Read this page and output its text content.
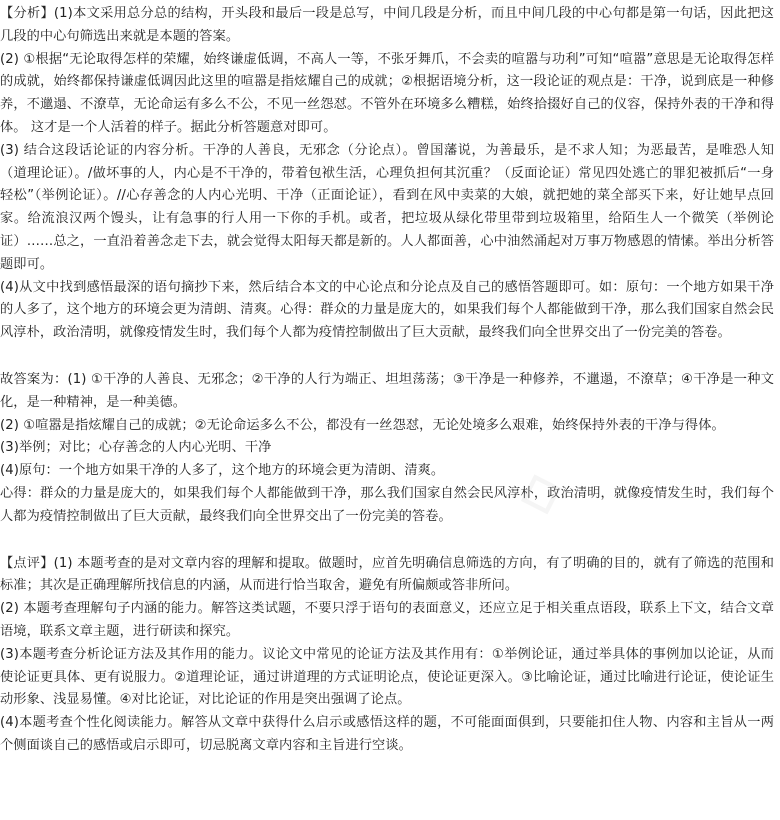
◇

【分析】(1)本文采用总分总的结构，开头段和最后一段是总写，中间几段是分析，而且中间几段的中心句都是第一句话，因此把这几段的中心句筛选出来就是本题的答案。

(2) ①根据“无论取得怎样的荣耀，始终谦虚低调，不高人一等，不张牙舞爪，不会卖的喧嚣与功利”可知“喧嚣”意思是无论取得怎样的成就，始终都保持谦虚低调因此这里的喧嚣是指炫耀自己的成就；②根据语境分析，这一段论证的观点是：干净，说到底是一种修养，不邋遢、不潦草，无论命运有多么不公，不见一丝怨怼。不管外在环境多么糟糕，始终拾掇好自己的仪容，保持外表的干净和得体。 这才是一个人活着的样子。据此分析答题意对即可。

(3) 结合这段话论证的内容分析。干净的人善良，无邪念（分论点）。曾国藩说，为善最乐，是不求人知；为恶最苦，是唯恐人知（道理论证）。/做坏事的人，内心是不干净的，带着包袱生活，心理负担何其沉重？（反面论证）常见四处逃亡的罪犯被抓后“一身轻松”（举例论证）。//心存善念的人内心光明、干净（正面论证），看到在风中卖菜的大娘，就把她的菜全部买下来，好让她早点回家。给流浪汉两个馒头，让有急事的行人用一下你的手机。或者，把垃圾从绿化带里带到垃圾箱里，给陌生人一个微笑（举例论证）……总之，一直沿着善念走下去，就会觉得太阳每天都是新的。人人都面善，心中油然涌起对万事万物感恩的情愫。举出分析答题即可。

(4)从文中找到感悟最深的语句摘抄下来，然后结合本文的中心论点和分论点及自己的感悟答题即可。如：原句：一个地方如果干净的人多了，这个地方的环境会更为清朗、清爽。心得：群众的力量是庞大的，如果我们每个人都能做到干净，那么我们国家自然会民风淳朴，政治清明，就像疫情发生时，我们每个人都为疫情控制做出了巨大贡献，最终我们向全世界交出了一份完美的答卷。

故答案为：(1) ①干净的人善良、无邪念；②干净的人行为端正、坦坦荡荡；③干净是一种修养，不邋遢，不潦草；④干净是一种文化，是一种精神，是一种美德。

(2) ①喧嚣是指炫耀自己的成就；②无论命运多么不公，都没有一丝怨怼，无论处境多么艰难，始终保持外表的干净与得体。

(3)举例；对比；心存善念的人内心光明、干净

(4)原句：一个地方如果干净的人多了，这个地方的环境会更为清朗、清爽。

心得：群众的力量是庞大的，如果我们每个人都能做到干净，那么我们国家自然会民风淳朴，政治清明，就像疫情发生时，我们每个人都为疫情控制做出了巨大贡献，最终我们向全世界交出了一份完美的答卷。

【点评】(1) 本题考查的是对文章内容的理解和提取。做题时，应首先明确信息筛选的方向，有了明确的目的，就有了筛选的范围和标准；其次是正确理解所找信息的内涵，从而进行恰当取舍，避免有所偏颇或答非所问。

(2) 本题考查理解句子内涵的能力。解答这类试题，不要只浮于语句的表面意义，还应立足于相关重点语段，联系上下文，结合文章语境，联系文章主题，进行研读和探究。

(3)本题考查分析论证方法及其作用的能力。议论文中常见的论证方法及其作用有：①举例论证，通过举具体的事例加以论证，从而使论证更具体、更有说服力。②道理论证，通过讲道理的方式证明论点，使论证更深入。③比喻论证，通过比喻进行论证，使论证生动形象、浅显易懂。④对比论证，对比论证的作用是突出强调了论点。

(4)本题考查个性化阅读能力。解答从文章中获得什么启示或感悟这样的题，不可能面面俱到，只要能扣住人物、内容和主旨从一两个侧面谈自己的感悟或启示即可，切忌脱离文章内容和主旨进行空谈。
